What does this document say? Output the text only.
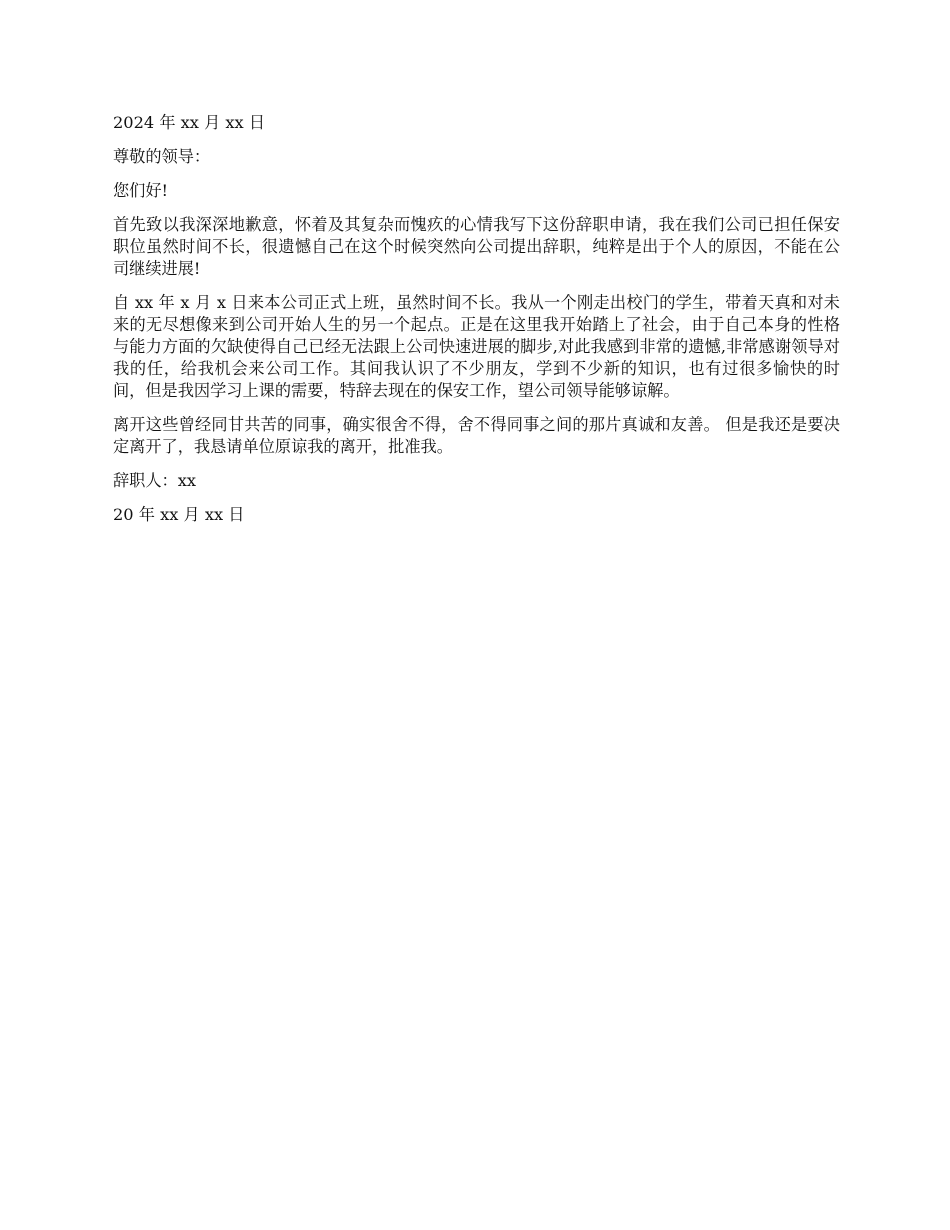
2024 年 xx 月 xx 日

尊敬的领导：

您们好!

首先致以我深深地歉意，怀着及其复杂而愧疚的心情我写下这份辞职申请，我在我们公司已担任保安职位虽然时间不长，很遗憾自己在这个时候突然向公司提出辞职，纯粹是出于个人的原因，不能在公司继续进展!

自 xx 年 x 月 x 日来本公司正式上班，虽然时间不长。我从一个刚走出校门的学生，带着天真和对未来的无尽想像来到公司开始人生的另一个起点。正是在这里我开始踏上了社会，由于自己本身的性格与能力方面的欠缺使得自己已经无法跟上公司快速进展的脚步,对此我感到非常的遗憾,非常感谢领导对我的任，给我机会来公司工作。其间我认识了不少朋友，学到不少新的知识，也有过很多愉快的时间，但是我因学习上课的需要，特辞去现在的保安工作，望公司领导能够谅解。

离开这些曾经同甘共苦的同事，确实很舍不得，舍不得同事之间的那片真诚和友善。 但是我还是要决定离开了，我恳请单位原谅我的离开，批准我。

辞职人：xx

20 年 xx 月 xx 日
